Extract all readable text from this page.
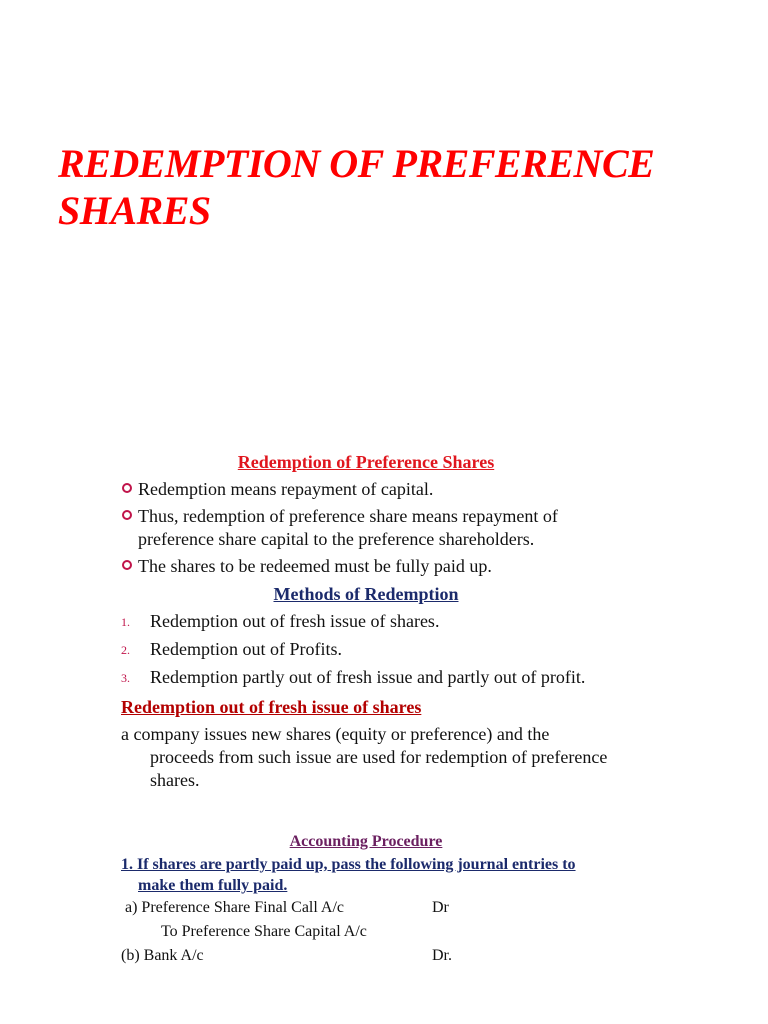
REDEMPTION OF PREFERENCE SHARES

Redemption of Preference Shares

Redemption means repayment of capital.
Thus, redemption of preference share means repayment of preference share capital to the preference shareholders.
The shares to be redeemed must be fully paid up.

Methods of Redemption

1. Redemption out of fresh issue of shares.
2. Redemption out of Profits.
3. Redemption partly out of fresh issue and partly out of profit.

Redemption out of fresh issue of shares

a company issues new shares (equity or preference) and the proceeds from such issue are used for redemption of preference shares.

Accounting Procedure

1. If shares are partly paid up, pass the following journal entries to make them fully paid.

a) Preference Share Final Call A/c	Dr
To Preference Share Capital A/c
(b) Bank A/c	Dr.
